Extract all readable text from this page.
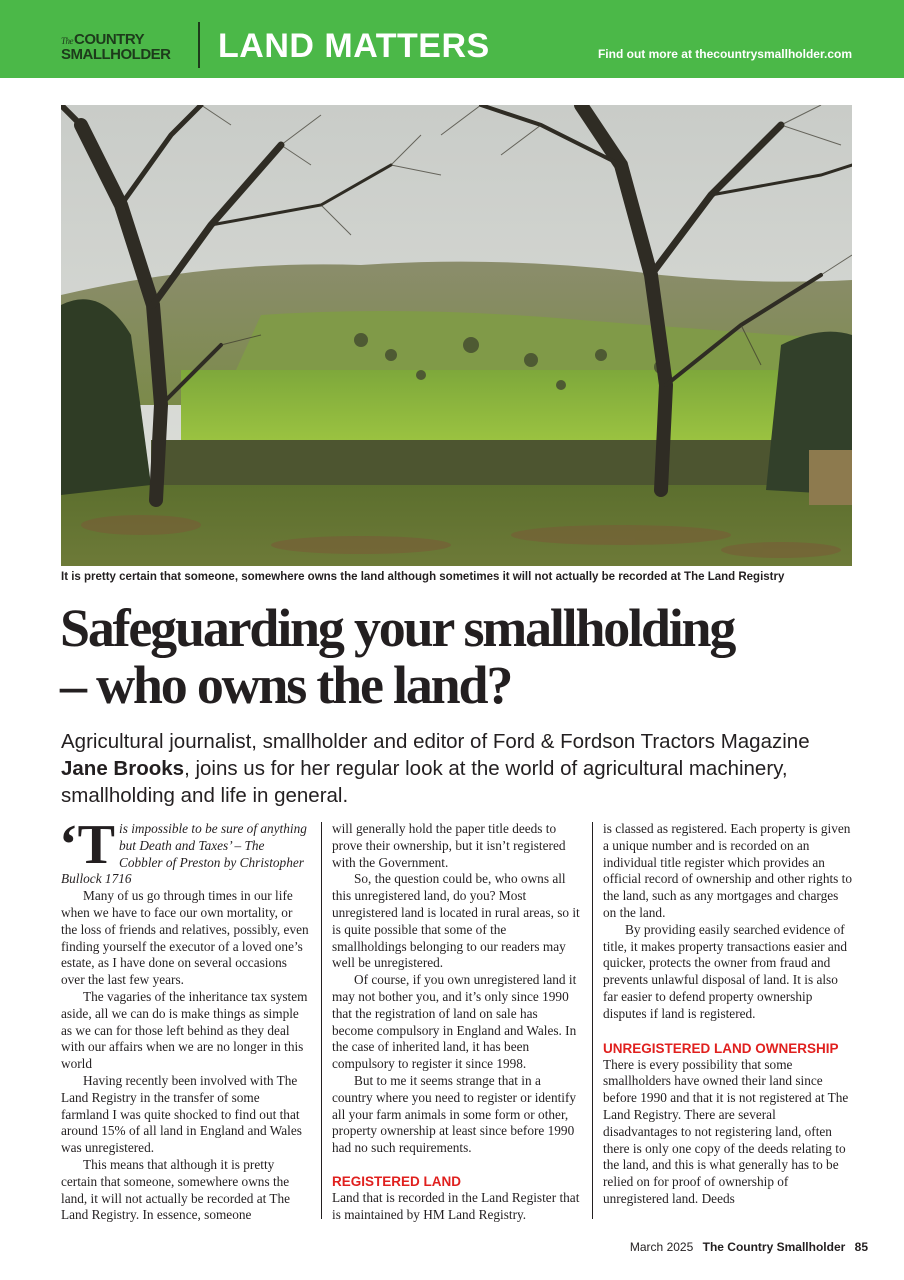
TheCOUNTRY
SMALLHOLDER LAND MATTERS	Find out more at thecountrysmallholder.com
It is pretty certain that someone, somewhere owns the land although sometimes it will not actually be recorded at The Land Registry
Safeguarding your smallholding
– who owns the land?

Agricultural journalist, smallholder and editor of Ford & Fordson Tractors Magazine Jane Brooks, joins us for her regular look at the world of agricultural machinery, smallholding and life in general.

‘Tis impossible to be sure of anything but Death and Taxes’ – The Cobbler of Preston by Christopher Bullock 1716

Many of us go through times in our life when we have to face our own mortality, or the loss of friends and relatives, possibly, even finding yourself the executor of a loved one’s estate, as I have done on several occasions over the last few years.

The vagaries of the inheritance tax system aside, all we can do is make things as simple as we can for those left behind as they deal with our affairs when we are no longer in this world

Having recently been involved with The Land Registry in the transfer of some farmland I was quite shocked to find out that around 15% of all land in England and Wales was unregistered.

This means that although it is pretty certain that someone, somewhere owns the land, it will not actually be recorded at The Land Registry. In essence, someone

will generally hold the paper title deeds to prove their ownership, but it isn’t registered with the Government.

So, the question could be, who owns all this unregistered land, do you? Most unregistered land is located in rural areas, so it is quite possible that some of the smallholdings belonging to our readers may well be unregistered.

Of course, if you own unregistered land it may not bother you, and it’s only since 1990 that the registration of land on sale has become compulsory in England and Wales. In the case of inherited land, it has been compulsory to register it since 1998.

But to me it seems strange that in a country where you need to register or identify all your farm animals in some form or other, property ownership at least since before 1990 had no such requirements.

REGISTERED LAND

Land that is recorded in the Land Register that is maintained by HM Land Registry.

is classed as registered. Each property is given a unique number and is recorded on an individual title register which provides an official record of ownership and other rights to the land, such as any mortgages and charges on the land.

By providing easily searched evidence of title, it makes property transactions easier and quicker, protects the owner from fraud and prevents unlawful disposal of land. It is also far easier to defend property ownership disputes if land is registered.

UNREGISTERED LAND OWNERSHIP

There is every possibility that some smallholders have owned their land since before 1990 and that it is not registered at The Land Registry. There are several disadvantages to not registering land, often there is only one copy of the deeds relating to the land, and this is what generally has to be relied on for proof of ownership of unregistered land. Deeds

March 2025 The Country Smallholder 85
